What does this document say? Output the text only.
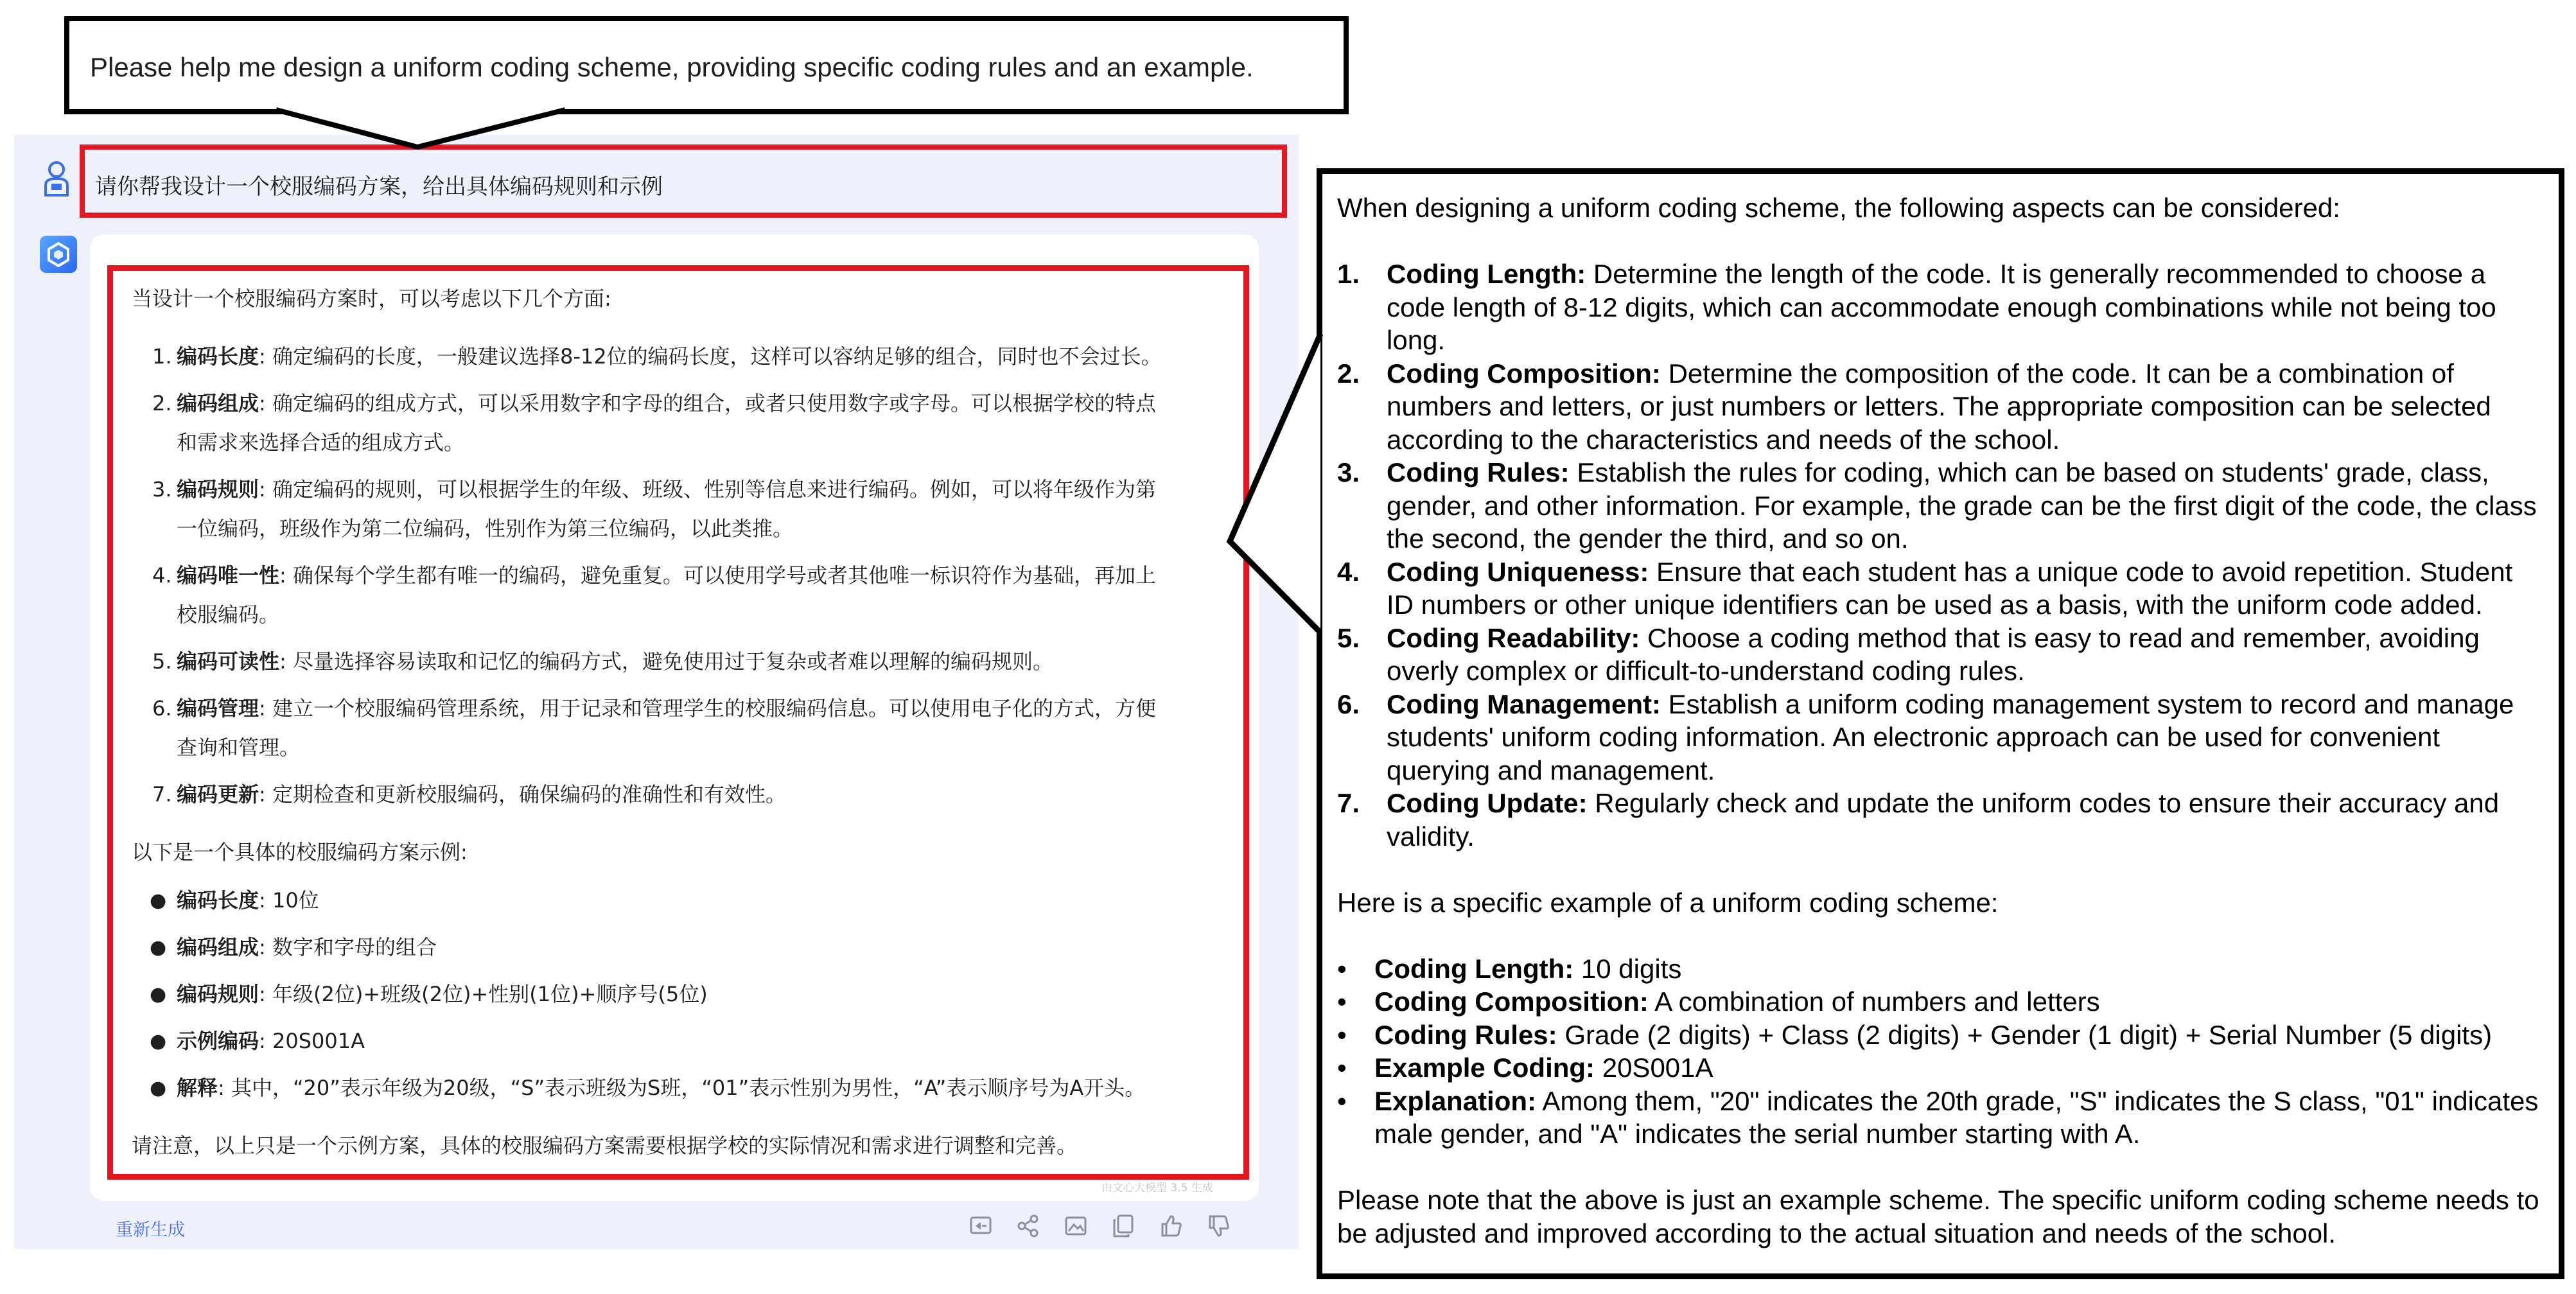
Please help me design a uniform coding scheme, providing specific coding rules and an example.
请你帮我设计一个校服编码方案，给出具体编码规则和示例

当设计一个校服编码方案时，可以考虑以下几个方面:

1. 编码长度: 确定编码的长度，一般建议选择8-12位的编码长度，这样可以容纳足够的组合，同时也不会过长。
2. 编码组成: 确定编码的组成方式，可以采用数字和字母的组合，或者只使用数字或字母。可以根据学校的特点
和需求来选择合适的组成方式。
3. 编码规则: 确定编码的规则，可以根据学生的年级、班级、性别等信息来进行编码。例如，可以将年级作为第
一位编码，班级作为第二位编码，性别作为第三位编码，以此类推。
4. 编码唯一性: 确保每个学生都有唯一的编码，避免重复。可以使用学号或者其他唯一标识符作为基础，再加上
校服编码。
5. 编码可读性: 尽量选择容易读取和记忆的编码方式，避免使用过于复杂或者难以理解的编码规则。
6. 编码管理: 建立一个校服编码管理系统，用于记录和管理学生的校服编码信息。可以使用电子化的方式，方便
查询和管理。
7. 编码更新: 定期检查和更新校服编码，确保编码的准确性和有效性。

以下是一个具体的校服编码方案示例:

● 编码长度: 10位
● 编码组成: 数字和字母的组合
● 编码规则: 年级(2位)+班级(2位)+性别(1位)+顺序号(5位)
● 示例编码: 20S001A
● 解释: 其中，“20”表示年级为20级，“S”表示班级为S班，“01”表示性别为男性，“A”表示顺序号为A开头。

请注意，以上只是一个示例方案，具体的校服编码方案需要根据学校的实际情况和需求进行调整和完善。

由文心大模型 3.5 生成
重新生成

When designing a uniform coding scheme, the following aspects can be considered:

1. Coding Length: Determine the length of the code. It is generally recommended to choose a code length of 8-12 digits, which can accommodate enough combinations while not being too long.
2. Coding Composition: Determine the composition of the code. It can be a combination of numbers and letters, or just numbers or letters. The appropriate composition can be selected according to the characteristics and needs of the school.
3. Coding Rules: Establish the rules for coding, which can be based on students' grade, class, gender, and other information. For example, the grade can be the first digit of the code, the class the second, the gender the third, and so on.
4. Coding Uniqueness: Ensure that each student has a unique code to avoid repetition. Student ID numbers or other unique identifiers can be used as a basis, with the uniform code added.
5. Coding Readability: Choose a coding method that is easy to read and remember, avoiding overly complex or difficult-to-understand coding rules.
6. Coding Management: Establish a uniform coding management system to record and manage students' uniform coding information. An electronic approach can be used for convenient querying and management.
7. Coding Update: Regularly check and update the uniform codes to ensure their accuracy and validity.

Here is a specific example of a uniform coding scheme:

• Coding Length: 10 digits
• Coding Composition: A combination of numbers and letters
• Coding Rules: Grade (2 digits) + Class (2 digits) + Gender (1 digit) + Serial Number (5 digits)
• Example Coding: 20S001A
• Explanation: Among them, "20" indicates the 20th grade, "S" indicates the S class, "01" indicates male gender, and "A" indicates the serial number starting with A.

Please note that the above is just an example scheme. The specific uniform coding scheme needs to be adjusted and improved according to the actual situation and needs of the school.
